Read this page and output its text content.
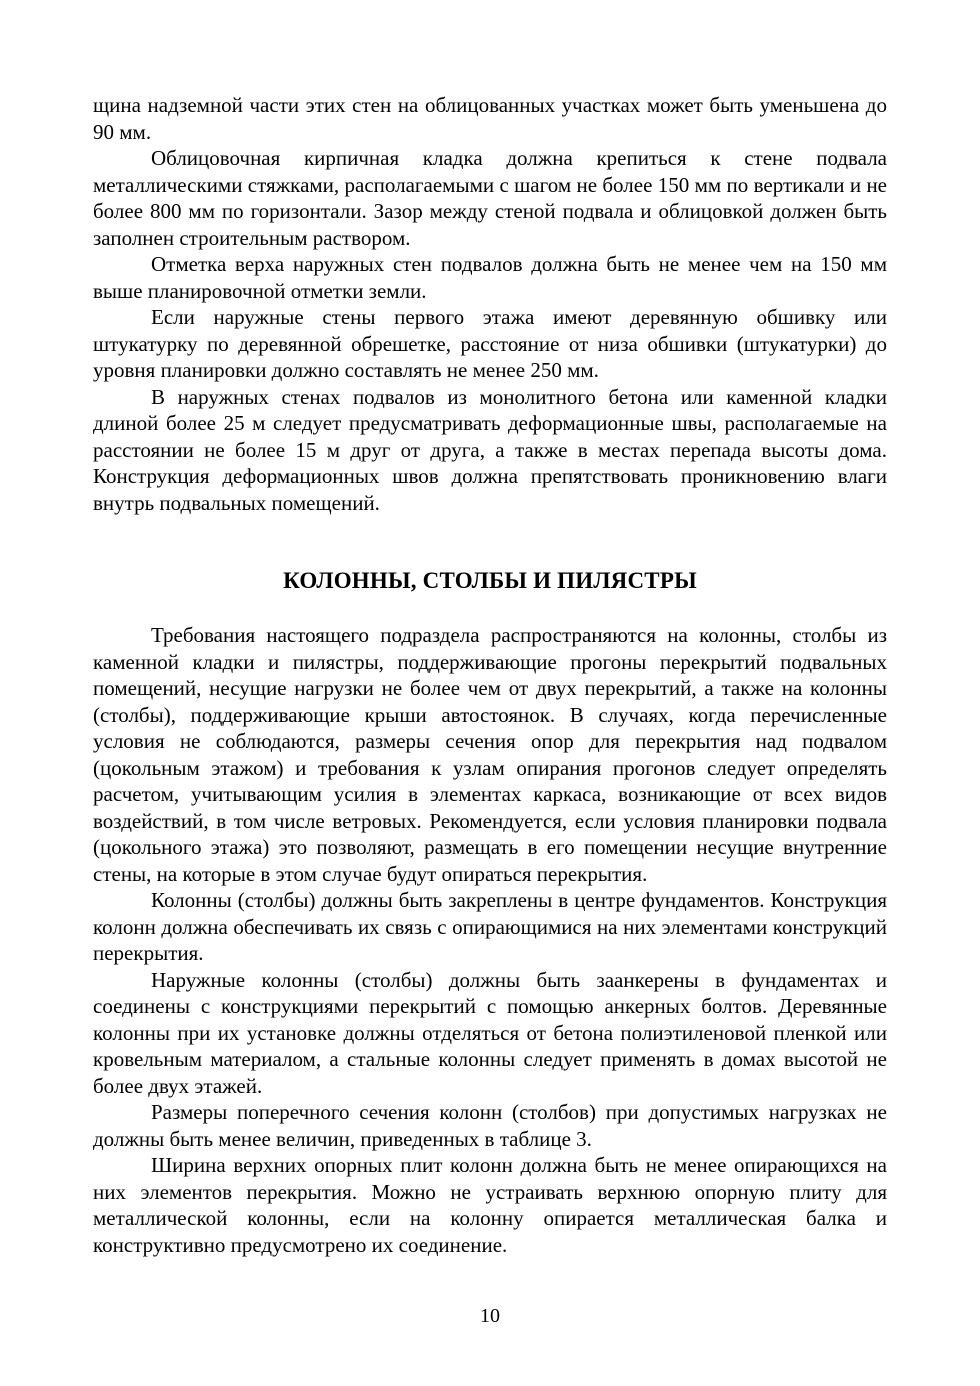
щина надземной части этих стен на облицованных участках может быть уменьшена до 90 мм.

Облицовочная кирпичная кладка должна крепиться к стене подвала металлическими стяжками, располагаемыми с шагом не более 150 мм по вертикали и не более 800 мм по горизонтали. Зазор между стеной подвала и облицовкой должен быть заполнен строительным раствором.

Отметка верха наружных стен подвалов должна быть не менее чем на 150 мм выше планировочной отметки земли.

Если наружные стены первого этажа имеют деревянную обшивку или штукатурку по деревянной обрешетке, расстояние от низа обшивки (штукатурки) до уровня планировки должно составлять не менее 250 мм.

В наружных стенах подвалов из монолитного бетона или каменной кладки длиной более 25 м следует предусматривать деформационные швы, располагаемые на расстоянии не более 15 м друг от друга, а также в местах перепада высоты дома. Конструкция деформационных швов должна препятствовать проникновению влаги внутрь подвальных помещений.

КОЛОННЫ, СТОЛБЫ И ПИЛЯСТРЫ

Требования настоящего подраздела распространяются на колонны, столбы из каменной кладки и пилястры, поддерживающие прогоны перекрытий подвальных помещений, несущие нагрузки не более чем от двух перекрытий, а также на колонны (столбы), поддерживающие крыши автостоянок. В случаях, когда перечисленные условия не соблюдаются, размеры сечения опор для перекрытия над подвалом (цокольным этажом) и требования к узлам опирания прогонов следует определять расчетом, учитывающим усилия в элементах каркаса, возникающие от всех видов воздействий, в том числе ветровых. Рекомендуется, если условия планировки подвала (цокольного этажа) это позволяют, размещать в его помещении несущие внутренние стены, на которые в этом случае будут опираться перекрытия.

Колонны (столбы) должны быть закреплены в центре фундаментов. Конструкция колонн должна обеспечивать их связь с опирающимися на них элементами конструкций перекрытия.

Наружные колонны (столбы) должны быть заанкерены в фундаментах и соединены с конструкциями перекрытий с помощью анкерных болтов. Деревянные колонны при их установке должны отделяться от бетона полиэтиленовой пленкой или кровельным материалом, а стальные колонны следует применять в домах высотой не более двух этажей.

Размеры поперечного сечения колонн (столбов) при допустимых нагрузках не должны быть менее величин, приведенных в таблице 3.

Ширина верхних опорных плит колонн должна быть не менее опирающихся на них элементов перекрытия. Можно не устраивать верхнюю опорную плиту для металлической колонны, если на колонну опирается металлическая балка и конструктивно предусмотрено их соединение.

10
